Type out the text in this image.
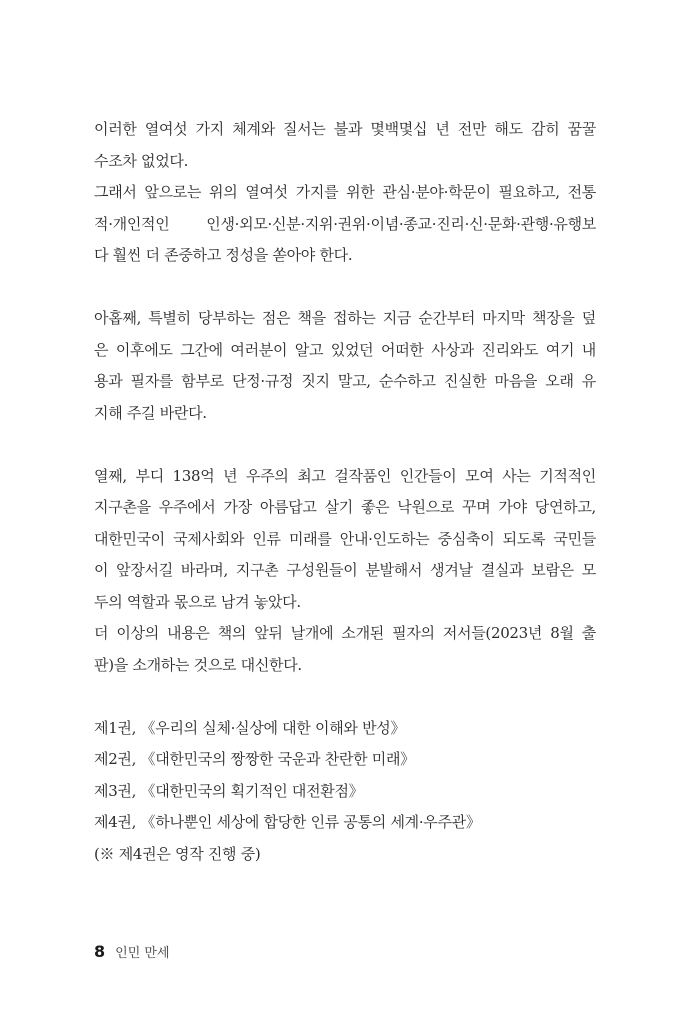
이러한 열여섯 가지 체계와 질서는 불과 몇백몇십 년 전만 해도 감히 꿈꿀
수조차 없었다.

그래서 앞으로는 위의 열여섯 가지를 위한 관심·분야·학문이 필요하고, 전통
적·개인적인 인생·외모·신분·지위·권위·이념·종교·진리·신·문화·관행·유행보
다 훨씬 더 존중하고 정성을 쏟아야 한다.

아홉째, 특별히 당부하는 점은 책을 접하는 지금 순간부터 마지막 책장을 덮
은 이후에도 그간에 여러분이 알고 있었던 어떠한 사상과 진리와도 여기 내
용과 필자를 함부로 단정·규정 짓지 말고, 순수하고 진실한 마음을 오래 유
지해 주길 바란다.

열째, 부디 138억 년 우주의 최고 걸작품인 인간들이 모여 사는 기적적인
지구촌을 우주에서 가장 아름답고 살기 좋은 낙원으로 꾸며 가야 당연하고,
대한민국이 국제사회와 인류 미래를 안내·인도하는 중심축이 되도록 국민들
이 앞장서길 바라며, 지구촌 구성원들이 분발해서 생겨날 결실과 보람은 모
두의 역할과 몫으로 남겨 놓았다.

더 이상의 내용은 책의 앞뒤 날개에 소개된 필자의 저서들(2023년 8월 출
판)을 소개하는 것으로 대신한다.

제1권, 《우리의 실체·실상에 대한 이해와 반성》
제2권, 《대한민국의 짱짱한 국운과 찬란한 미래》
제3권, 《대한민국의 획기적인 대전환점》
제4권, 《하나뿐인 세상에 합당한 인류 공통의 세계·우주관》
(※ 제4권은 영작 진행 중)
8 인민 만세
